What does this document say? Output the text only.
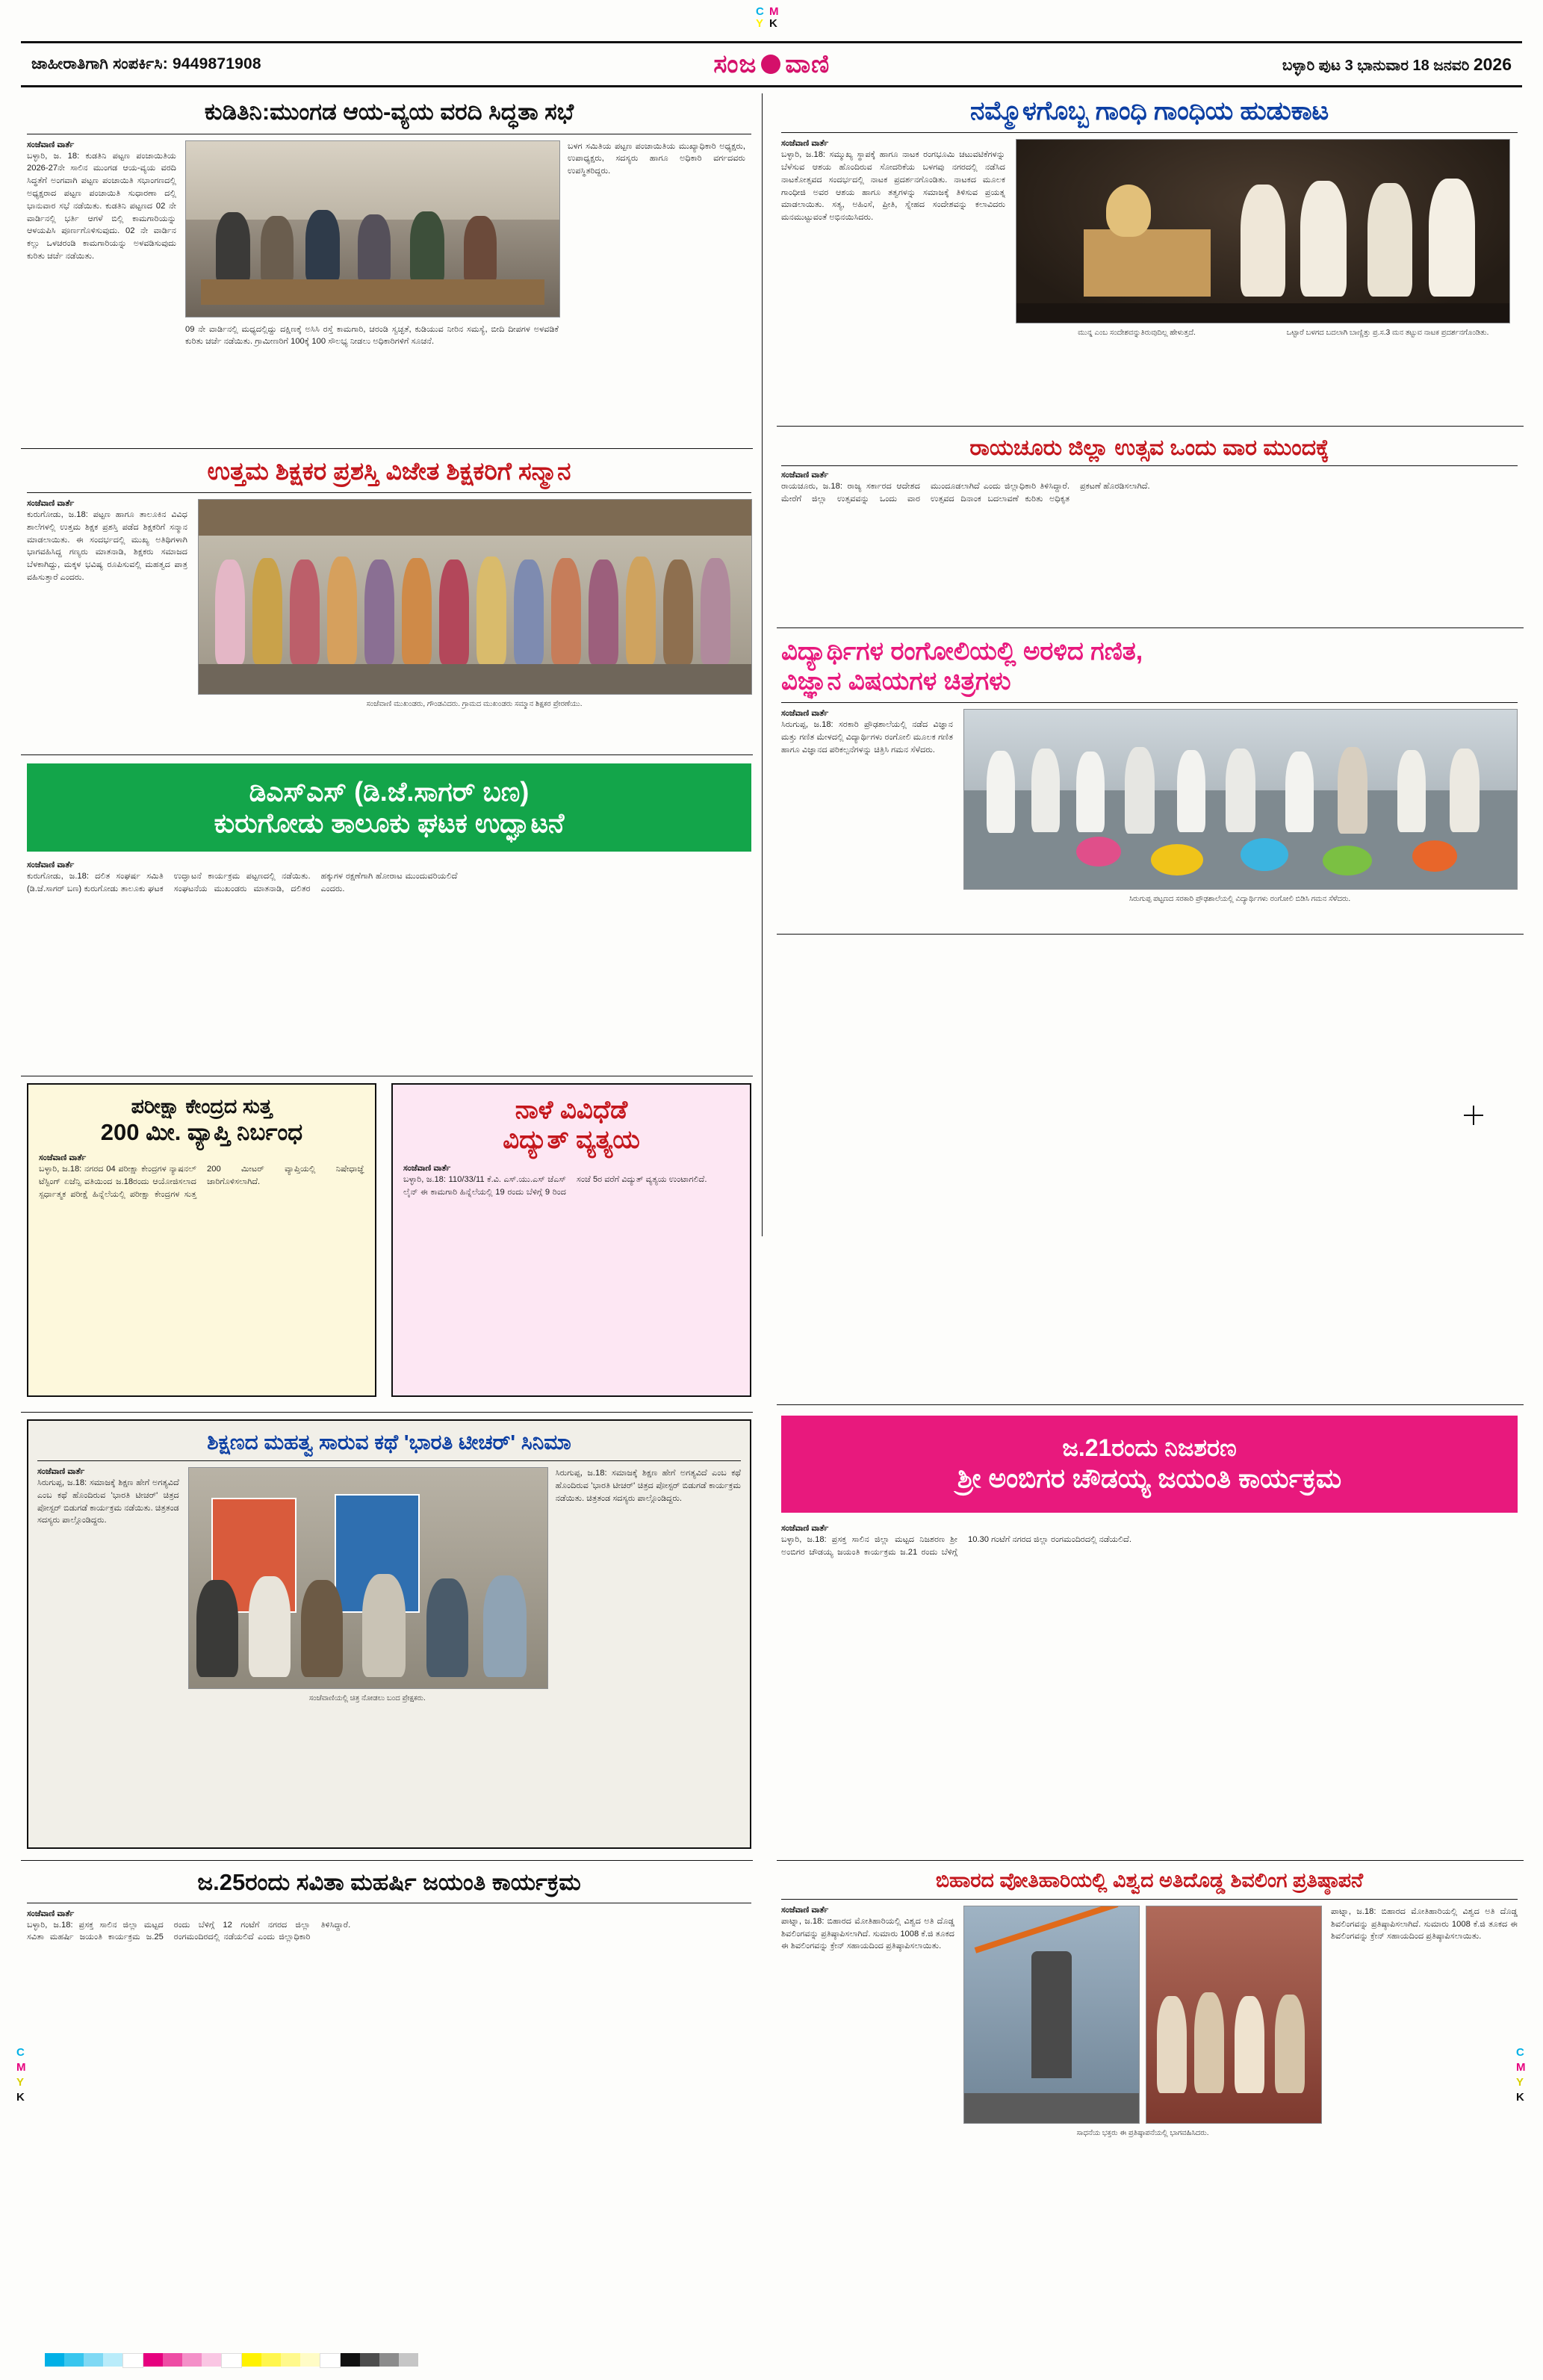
C M
Y K
C
M
Y
K
C
M
Y
K
ಜಾಹೀರಾತಿಗಾಗಿ ಸಂಪರ್ಕಿಸಿ: 9449871908	ಸಂಜ ವಾಣಿ	ಬಳ್ಳಾರಿ ಪುಟ 3 ಭಾನುವಾರ 18 ಜನವರಿ 2026
ಕುಡಿತಿನಿ:ಮುಂಗಡ ಆಯ-ವ್ಯಯ ವರದಿ ಸಿದ್ಧತಾ ಸಭೆ
ಸಂಜೆವಾಣಿ ವಾರ್ತೆ
ಬಳ್ಳಾರಿ, ಜ. 18: ಕುಡತಿನಿ ಪಟ್ಟಣ ಪಂಚಾಯಿತಿಯ 2026-27ನೇ ಸಾಲಿನ ಮುಂಗಡ ಆಯ-ವ್ಯಯ ವರದಿ ಸಿದ್ಧತೆಗೆ ಅಂಗವಾಗಿ ಪಟ್ಟಣ ಪಂಚಾಯಿತಿ ಸಭಾಂಗಣದಲ್ಲಿ ಅಧ್ಯಕ್ಷರಾದ ಪಟ್ಟಣ ಪಂಚಾಯಿತಿ ಸುಧಾರಣಾ ದಲ್ಲಿ ಭಾನುವಾರ ಸಭೆ ನಡೆಯಿತು. ಕುಡತಿನಿ ಪಟ್ಟಣದ 02 ನೇ ವಾರ್ಡಿನಲ್ಲಿ ಭರ್ತಿ ಆಗಳೆ ಬಿಲ್ಲಿ ಕಾಮಗಾರಿಯನ್ನು ಆಳಯಪಿಸಿ ಪೂರ್ಣಗೊಳಿಸುವುದು. 02 ನೇ ವಾರ್ಡಿನ ಕಲ್ಲು ಒಳಚರಂಡಿ ಕಾಮಗಾರಿಯನ್ನು ಅಳವಡಿಸುವುದು ಕುರಿತು ಚರ್ಚೆ ನಡೆಯಿತು.
09 ನೇ ವಾರ್ಡಿನಲ್ಲಿ ಮಧ್ಯದಲ್ಲಿದ್ದು ದಕ್ಷಿಣಕ್ಕೆ ಅಸಿಸಿ ರಸ್ತೆ ಕಾಮಗಾರಿ, ಚರಂಡಿ ಸ್ವಚ್ಛತೆ, ಕುಡಿಯುವ ನೀರಿನ ಸಮಸ್ಯೆ, ಬೀದಿ ದೀಪಗಳ ಅಳವಡಿಕೆ ಕುರಿತು ಚರ್ಚೆ ನಡೆಯಿತು. ಗ್ರಾಮೀಣರಿಗೆ 100ಕ್ಕೆ 100 ಸೌಲಭ್ಯ ನೀಡಲು ಅಧಿಕಾರಿಗಳಿಗೆ ಸೂಚನೆ.
ಬಳಗ ಸಮಿತಿಯ ಪಟ್ಟಣ ಪಂಚಾಯಿತಿಯ ಮುಖ್ಯಾಧಿಕಾರಿ ಅಧ್ಯಕ್ಷರು, ಉಪಾಧ್ಯಕ್ಷರು, ಸದಸ್ಯರು ಹಾಗೂ ಅಧಿಕಾರಿ ವರ್ಗದವರು ಉಪಸ್ಥಿತರಿದ್ದರು.
ನಮ್ಮೊಳಗೊಬ್ಬ ಗಾಂಧಿ ಗಾಂಧಿಯ ಹುಡುಕಾಟ
ಸಂಜೆವಾಣಿ ವಾರ್ತೆ
ಬಳ್ಳಾರಿ, ಜ.18: ಸಮ್ಮುಖ್ಯ ಸ್ಥಾಪಕ್ಕೆ ಹಾಗೂ ನಾಟಕ ರಂಗಭೂಮಿ ಚಟುವಟಿಕೆಗಳನ್ನು ಬೆಳೆಸುವ ಆಶಯ ಹೊಂದಿರುವ ಸೋದರಿಕೆಯ ಬಳಗವು ನಗರದಲ್ಲಿ ನಡೆಸಿದ ನಾಟಕೋತ್ಸವದ ಸಂದರ್ಭದಲ್ಲಿ ನಾಟಕ ಪ್ರದರ್ಶನಗೊಂಡಿತು. ನಾಟಕದ ಮೂಲಕ ಗಾಂಧೀಜಿ ಅವರ ಆಶಯ ಹಾಗೂ ತತ್ವಗಳನ್ನು ಸಮಾಜಕ್ಕೆ ತಿಳಿಸುವ ಪ್ರಯತ್ನ ಮಾಡಲಾಯಿತು. ಸತ್ಯ, ಅಹಿಂಸೆ, ಪ್ರೀತಿ, ಸ್ನೇಹದ ಸಂದೇಶವನ್ನು ಕಲಾವಿದರು ಮನಮುಟ್ಟುವಂತೆ ಅಭಿನಯಿಸಿದರು.
ಮುನ್ನ ಎಂಬ ಸಂದೇಶವನ್ನುತಿರುವುದಿಲ್ಲ ಹೇಳುತ್ತದೆ.	ಒಟ್ಟಾರೆ ಬಳಗದ ಬದಲಾಗಿ ಬಾಣ್ಣಿತ್ತು ಪ್ರ.ಸ.3 ಮನ ತಟ್ಟುವ ನಾಟಕ ಪ್ರದರ್ಶನಗೊಂಡಿತು.
ಉತ್ತಮ ಶಿಕ್ಷಕರ ಪ್ರಶಸ್ತಿ ವಿಜೇತ ಶಿಕ್ಷಕರಿಗೆ ಸನ್ಮಾನ
ಸಂಜೆವಾಣಿ ವಾರ್ತೆ
ಕುರುಗೋಡು, ಜ.18: ಪಟ್ಟಣ ಹಾಗೂ ತಾಲೂಕಿನ ವಿವಿಧ ಶಾಲೆಗಳಲ್ಲಿ ಉತ್ತಮ ಶಿಕ್ಷಕ ಪ್ರಶಸ್ತಿ ಪಡೆದ ಶಿಕ್ಷಕರಿಗೆ ಸನ್ಮಾನ ಮಾಡಲಾಯಿತು. ಈ ಸಂದರ್ಭದಲ್ಲಿ ಮುಖ್ಯ ಅತಿಥಿಗಳಾಗಿ ಭಾಗವಹಿಸಿದ್ದ ಗಣ್ಯರು ಮಾತನಾಡಿ, ಶಿಕ್ಷಕರು ಸಮಾಜದ ಬೆಳಕಾಗಿದ್ದು, ಮಕ್ಕಳ ಭವಿಷ್ಯ ರೂಪಿಸುವಲ್ಲಿ ಮಹತ್ವದ ಪಾತ್ರ ವಹಿಸುತ್ತಾರೆ ಎಂದರು.
ಸಂಜೆವಾಣಿ ಮುಖಂಡರು, ಗೌಂಡವಿದರು. ಗ್ರಾಮದ ಮುಖಂಡರು ಸಮ್ಮಾನ ಶಿಕ್ಷಕರ ಪ್ರೇರಣೆಯು.
ಡಿಎಸ್‌ಎಸ್ (ಡಿ.ಜೆ.ಸಾಗರ್ ಬಣ)
ಕುರುಗೋಡು ತಾಲೂಕು ಘಟಕ ಉದ್ಘಾಟನೆ
ಸಂಜೆವಾಣಿ ವಾರ್ತೆ
ಕುರುಗೋಡು, ಜ.18: ದಲಿತ ಸಂಘರ್ಷ ಸಮಿತಿ (ಡಿ.ಜೆ.ಸಾಗರ್ ಬಣ) ಕುರುಗೋಡು ತಾಲೂಕು ಘಟಕ ಉದ್ಘಾಟನೆ ಕಾರ್ಯಕ್ರಮ ಪಟ್ಟಣದಲ್ಲಿ ನಡೆಯಿತು. ಸಂಘಟನೆಯ ಮುಖಂಡರು ಮಾತನಾಡಿ, ದಲಿತರ ಹಕ್ಕುಗಳ ರಕ್ಷಣೆಗಾಗಿ ಹೋರಾಟ ಮುಂದುವರಿಯಲಿದೆ ಎಂದರು.
ರಾಯಚೂರು ಜಿಲ್ಲಾ ಉತ್ಸವ ಒಂದು ವಾರ ಮುಂದಕ್ಕೆ
ಸಂಜೆವಾಣಿ ವಾರ್ತೆ
ರಾಯಚೂರು, ಜ.18: ರಾಜ್ಯ ಸರ್ಕಾರದ ಆದೇಶದ ಮೇರೆಗೆ ಜಿಲ್ಲಾ ಉತ್ಸವವನ್ನು ಒಂದು ವಾರ ಮುಂದೂಡಲಾಗಿದೆ ಎಂದು ಜಿಲ್ಲಾಧಿಕಾರಿ ತಿಳಿಸಿದ್ದಾರೆ. ಉತ್ಸವದ ದಿನಾಂಕ ಬದಲಾವಣೆ ಕುರಿತು ಅಧಿಕೃತ ಪ್ರಕಟಣೆ ಹೊರಡಿಸಲಾಗಿದೆ.
ವಿದ್ಯಾರ್ಥಿಗಳ ರಂಗೋಲಿಯಲ್ಲಿ ಅರಳಿದ ಗಣಿತ,
ವಿಜ್ಞಾನ ವಿಷಯಗಳ ಚಿತ್ರಗಳು
ಸಂಜೆವಾಣಿ ವಾರ್ತೆ
ಸಿರುಗುಪ್ಪ, ಜ.18: ಸರಕಾರಿ ಪ್ರೌಢಶಾಲೆಯಲ್ಲಿ ನಡೆದ ವಿಜ್ಞಾನ ಮತ್ತು ಗಣಿತ ಮೇಳದಲ್ಲಿ ವಿದ್ಯಾರ್ಥಿಗಳು ರಂಗೋಲಿ ಮೂಲಕ ಗಣಿತ ಹಾಗೂ ವಿಜ್ಞಾನದ ಪರಿಕಲ್ಪನೆಗಳನ್ನು ಚಿತ್ರಿಸಿ ಗಮನ ಸೆಳೆದರು.
ಸಿರುಗುಪ್ಪ ಪಟ್ಟಣದ ಸರಕಾರಿ ಪ್ರೌಢಶಾಲೆಯಲ್ಲಿ ವಿದ್ಯಾರ್ಥಿಗಳು ರಂಗೋಲಿ ಬಿಡಿಸಿ ಗಮನ ಸೆಳೆದರು.
ಪರೀಕ್ಷಾ ಕೇಂದ್ರದ ಸುತ್ತ
200 ಮೀ. ವ್ಯಾಪ್ತಿ ನಿರ್ಬಂಧ
ಸಂಜೆವಾಣಿ ವಾರ್ತೆ
ಬಳ್ಳಾರಿ, ಜ.18: ನಗರದ 04 ಪರೀಕ್ಷಾ ಕೇಂದ್ರಗಳ ನ್ಯಾಷನಲ್ ಟೆಸ್ಟಿಂಗ್ ಏಜೆನ್ಸಿ ವತಿಯಿಂದ ಜ.18ರಂದು ಆಯೋಜಿಸಲಾದ ಸ್ಪರ್ಧಾತ್ಮಕ ಪರೀಕ್ಷೆ ಹಿನ್ನೆಲೆಯಲ್ಲಿ ಪರೀಕ್ಷಾ ಕೇಂದ್ರಗಳ ಸುತ್ತ 200 ಮೀಟರ್ ವ್ಯಾಪ್ತಿಯಲ್ಲಿ ನಿಷೇಧಾಜ್ಞೆ ಜಾರಿಗೊಳಿಸಲಾಗಿದೆ.
ನಾಳೆ ವಿವಿಧೆಡೆ
ವಿದ್ಯುತ್ ವ್ಯತ್ಯಯ
ಸಂಜೆವಾಣಿ ವಾರ್ತೆ
ಬಳ್ಳಾರಿ, ಜ.18: 110/33/11 ಕೆ.ವಿ. ಎಸ್.ಯು.ಎಸ್ ಜೆಎಸ್ ಲೈನ್ ಈ ಕಾಮಗಾರಿ ಹಿನ್ನೆಲೆಯಲ್ಲಿ 19 ರಂದು ಬೆಳಿಗ್ಗೆ 9 ರಿಂದ ಸಂಜೆ 5ರ ವರೆಗೆ ವಿದ್ಯುತ್ ವ್ಯತ್ಯಯ ಉಂಟಾಗಲಿದೆ.
ಶಿಕ್ಷಣದ ಮಹತ್ವ ಸಾರುವ ಕಥೆ 'ಭಾರತಿ ಟೀಚರ್' ಸಿನಿಮಾ
ಸಂಜೆವಾಣಿ ವಾರ್ತೆ
ಸಿರುಗುಪ್ಪ, ಜ.18: ಸಮಾಜಕ್ಕೆ ಶಿಕ್ಷಣ ಹೇಗೆ ಅಗತ್ಯವಿದೆ ಎಂಬ ಕಥೆ ಹೊಂದಿರುವ 'ಭಾರತಿ ಟೀಚರ್' ಚಿತ್ರದ ಪೋಸ್ಟರ್ ಬಿಡುಗಡೆ ಕಾರ್ಯಕ್ರಮ ನಡೆಯಿತು. ಚಿತ್ರತಂಡ ಸದಸ್ಯರು ಪಾಲ್ಗೊಂಡಿದ್ದರು.
ಸಂಜೆವಾಣಿಯಲ್ಲಿ ಚಿತ್ರ ನೋಡಲು ಬಂದ ಪ್ರೇಕ್ಷಕರು.
ಸಿರುಗುಪ್ಪ, ಜ.18: ಸಮಾಜಕ್ಕೆ ಶಿಕ್ಷಣ ಹೇಗೆ ಅಗತ್ಯವಿದೆ ಎಂಬ ಕಥೆ ಹೊಂದಿರುವ 'ಭಾರತಿ ಟೀಚರ್' ಚಿತ್ರದ ಪೋಸ್ಟರ್ ಬಿಡುಗಡೆ ಕಾರ್ಯಕ್ರಮ ನಡೆಯಿತು. ಚಿತ್ರತಂಡ ಸದಸ್ಯರು ಪಾಲ್ಗೊಂಡಿದ್ದರು.
ಜ.21ರಂದು ನಿಜಶರಣ
ಶ್ರೀ ಅಂಬಿಗರ ಚೌಡಯ್ಯ ಜಯಂತಿ ಕಾರ್ಯಕ್ರಮ
ಸಂಜೆವಾಣಿ ವಾರ್ತೆ
ಬಳ್ಳಾರಿ, ಜ.18: ಪ್ರಸಕ್ತ ಸಾಲಿನ ಜಿಲ್ಲಾ ಮಟ್ಟದ ನಿಜಶರಣ ಶ್ರೀ ಅಂಬಿಗರ ಚೌಡಯ್ಯ ಜಯಂತಿ ಕಾರ್ಯಕ್ರಮ ಜ.21 ರಂದು ಬೆಳಿಗ್ಗೆ 10.30 ಗಂಟೆಗೆ ನಗರದ ಜಿಲ್ಲಾ ರಂಗಮಂದಿರದಲ್ಲಿ ನಡೆಯಲಿದೆ.
ಜ.25ರಂದು ಸವಿತಾ ಮಹರ್ಷಿ ಜಯಂತಿ ಕಾರ್ಯಕ್ರಮ
ಸಂಜೆವಾಣಿ ವಾರ್ತೆ
ಬಳ್ಳಾರಿ, ಜ.18: ಪ್ರಸಕ್ತ ಸಾಲಿನ ಜಿಲ್ಲಾ ಮಟ್ಟದ ಸವಿತಾ ಮಹರ್ಷಿ ಜಯಂತಿ ಕಾರ್ಯಕ್ರಮ ಜ.25 ರಂದು ಬೆಳಿಗ್ಗೆ 12 ಗಂಟೆಗೆ ನಗರದ ಜಿಲ್ಲಾ ರಂಗಮಂದಿರದಲ್ಲಿ ನಡೆಯಲಿದೆ ಎಂದು ಜಿಲ್ಲಾಧಿಕಾರಿ ತಿಳಿಸಿದ್ದಾರೆ.
ಬಿಹಾರದ ವೋತಿಹಾರಿಯಲ್ಲಿ ವಿಶ್ವದ ಅತಿದೊಡ್ಡ ಶಿವಲಿಂಗ ಪ್ರತಿಷ್ಠಾಪನೆ
ಸಂಜೆವಾಣಿ ವಾರ್ತೆ
ಪಾಟ್ನಾ, ಜ.18: ಬಿಹಾರದ ಮೋತಿಹಾರಿಯಲ್ಲಿ ವಿಶ್ವದ ಅತಿ ದೊಡ್ಡ ಶಿವಲಿಂಗವನ್ನು ಪ್ರತಿಷ್ಠಾಪಿಸಲಾಗಿದೆ. ಸುಮಾರು 1008 ಕೆ.ಜಿ ತೂಕದ ಈ ಶಿವಲಿಂಗವನ್ನು ಕ್ರೇನ್ ಸಹಾಯದಿಂದ ಪ್ರತಿಷ್ಠಾಪಿಸಲಾಯಿತು.
ಸಾಧನೆಯ ಭಕ್ತರು ಈ ಪ್ರತಿಷ್ಠಾಪನೆಯಲ್ಲಿ ಭಾಗವಹಿಸಿದರು.
ಪಾಟ್ನಾ, ಜ.18: ಬಿಹಾರದ ಮೋತಿಹಾರಿಯಲ್ಲಿ ವಿಶ್ವದ ಅತಿ ದೊಡ್ಡ ಶಿವಲಿಂಗವನ್ನು ಪ್ರತಿಷ್ಠಾಪಿಸಲಾಗಿದೆ. ಸುಮಾರು 1008 ಕೆ.ಜಿ ತೂಕದ ಈ ಶಿವಲಿಂಗವನ್ನು ಕ್ರೇನ್ ಸಹಾಯದಿಂದ ಪ್ರತಿಷ್ಠಾಪಿಸಲಾಯಿತು.
